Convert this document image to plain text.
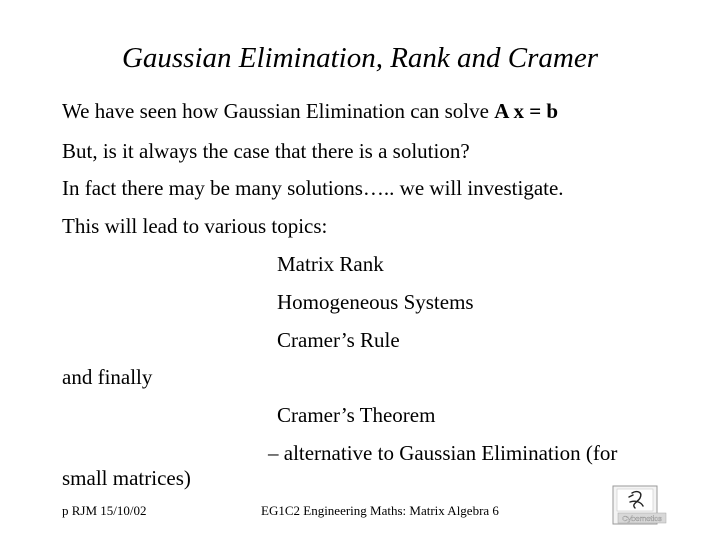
Gaussian Elimination, Rank and Cramer
We have seen how Gaussian Elimination can solve A x = b
But, is it always the case that there is a solution?
In fact there may be many solutions….. we will investigate.
This will lead to various topics:
Matrix Rank
Homogeneous Systems
Cramer’s Rule
and finally
Cramer’s Theorem
– alternative to Gaussian Elimination (for
small matrices)
p RJM 15/10/02	EG1C2 Engineering Maths: Matrix Algebra 6
Cybernetics
